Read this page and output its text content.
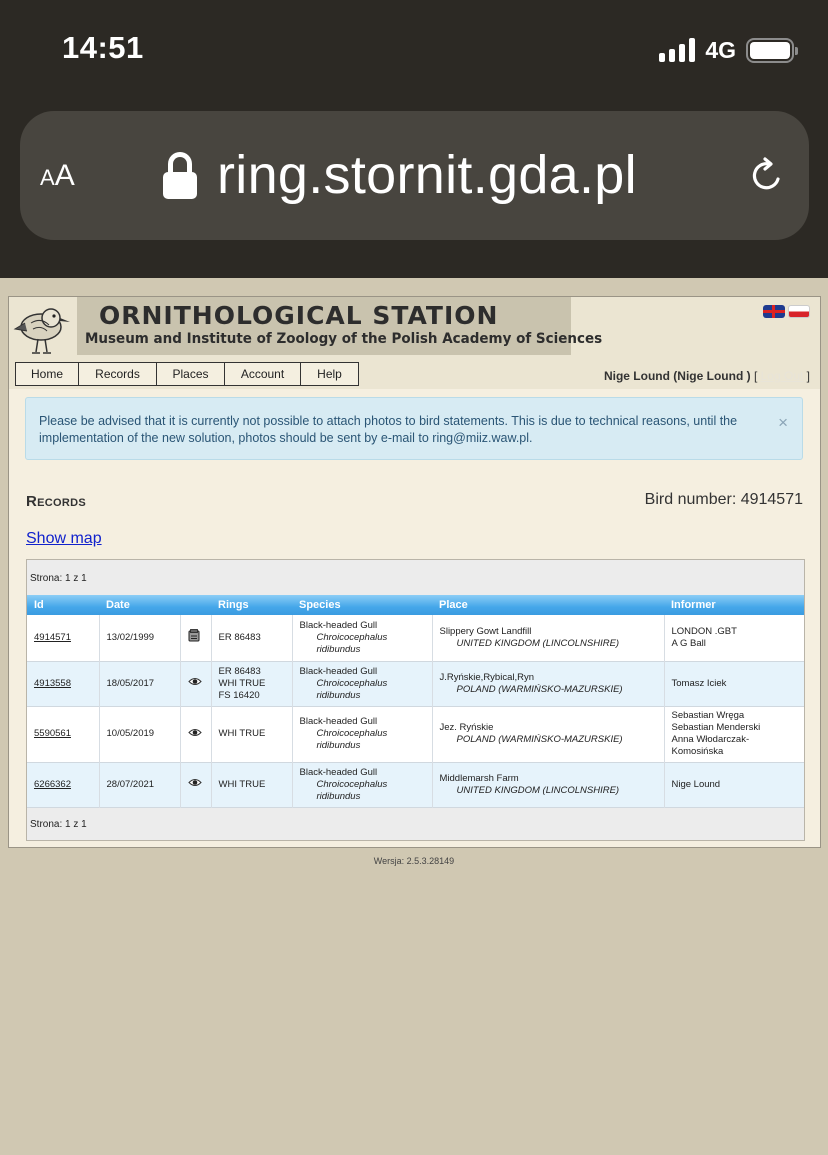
14:51	4G
AA	ring.stornit.gda.pl
ORNITHOLOGICAL STATION
Museum and Institute of Zoology of the Polish Academy of Sciences
Home	Records	Places	Account	Help	Nige Lound (Nige Lound ) [ Log Out ]
Please be advised that it is currently not possible to attach photos to bird statements. This is due to technical reasons, until the implementation of the new solution, photos should be sent by e-mail to ring@miiz.waw.pl.
×
Records	Bird number: 4914571
Show map
Strona: 1 z 1
Id	Date		Rings	Species	Place	Informer
4914571	13/02/1999		ER 86483	Black-headed Gull
Chroicocephalus
ridibundus	Slippery Gowt Landfill
UNITED KINGDOM (LINCOLNSHIRE)	LONDON .GBT
A G Ball

4913558	18/05/2017		ER 86483
WHI TRUE
FS 16420	Black-headed Gull
Chroicocephalus
ridibundus	J.Ryńskie,Rybical,Ryn
POLAND (WARMIŃSKO-MAZURSKIE)	Tomasz Iciek

5590561	10/05/2019		WHI TRUE	Black-headed Gull
Chroicocephalus
ridibundus	Jez. Ryńskie
POLAND (WARMIŃSKO-MAZURSKIE)	Sebastian Wręga
Sebastian Menderski
Anna Włodarczak-
Komosińska

6266362	28/07/2021		WHI TRUE	Black-headed Gull
Chroicocephalus
ridibundus	Middlemarsh Farm
UNITED KINGDOM (LINCOLNSHIRE)	Nige Lound
Strona: 1 z 1
Wersja: 2.5.3.28149
